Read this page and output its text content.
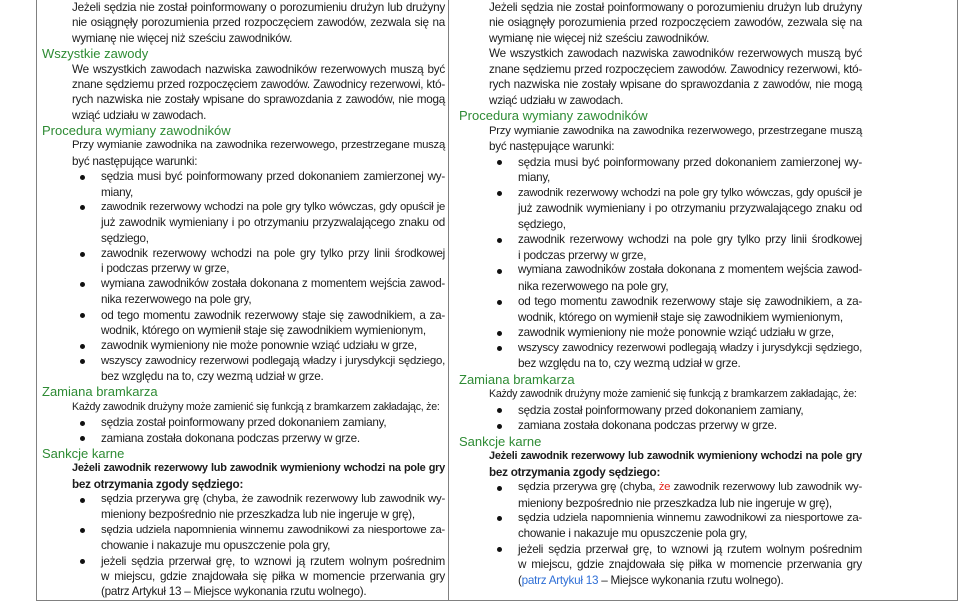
Jeżeli sędzia nie został poinformowany o porozumieniu drużyn lub drużyny
nie osiągnęły porozumienia przed rozpoczęciem zawodów, zezwala się na
wymianę nie więcej niż sześciu zawodników.
Wszystkie zawody
We wszystkich zawodach nazwiska zawodników rezerwowych muszą być
znane sędziemu przed rozpoczęciem zawodów. Zawodnicy rezerwowi, któ-
rych nazwiska nie zostały wpisane do sprawozdania z zawodów, nie mogą
wziąć udziału w zawodach.
Procedura wymiany zawodników
Przy wymianie zawodnika na zawodnika rezerwowego, przestrzegane muszą
być następujące warunki:
sędzia musi być poinformowany przed dokonaniem zamierzonej wy-
miany,
zawodnik rezerwowy wchodzi na pole gry tylko wówczas, gdy opuścił je
już zawodnik wymieniany i po otrzymaniu przyzwalającego znaku od
sędziego,
zawodnik rezerwowy wchodzi na pole gry tylko przy linii środkowej
i podczas przerwy w grze,
wymiana zawodników została dokonana z momentem wejścia zawod-
nika rezerwowego na pole gry,
od tego momentu zawodnik rezerwowy staje się zawodnikiem, a za-
wodnik, którego on wymienił staje się zawodnikiem wymienionym,
zawodnik wymieniony nie może ponownie wziąć udziału w grze,
wszyscy zawodnicy rezerwowi podlegają władzy i jurysdykcji sędziego,
bez względu na to, czy wezmą udział w grze.
Zamiana bramkarza
Każdy zawodnik drużyny może zamienić się funkcją z bramkarzem zakładając, że:
sędzia został poinformowany przed dokonaniem zamiany,
zamiana została dokonana podczas przerwy w grze.
Sankcje karne
Jeżeli zawodnik rezerwowy lub zawodnik wymieniony wchodzi na pole gry
bez otrzymania zgody sędziego:
sędzia przerywa grę (chyba, że zawodnik rezerwowy lub zawodnik wy-
mieniony bezpośrednio nie przeszkadza lub nie ingeruje w grę),
sędzia udziela napomnienia winnemu zawodnikowi za niesportowe za-
chowanie i nakazuje mu opuszczenie pola gry,
jeżeli sędzia przerwał grę, to wznowi ją rzutem wolnym pośrednim
w miejscu, gdzie znajdowała się piłka w momencie przerwania gry
(patrz Artykuł 13 – Miejsce wykonania rzutu wolnego).
Jeżeli sędzia nie został poinformowany o porozumieniu drużyn lub drużyny
nie osiągnęły porozumienia przed rozpoczęciem zawodów, zezwala się na
wymianę nie więcej niż sześciu zawodników.
We wszystkich zawodach nazwiska zawodników rezerwowych muszą być
znane sędziemu przed rozpoczęciem zawodów. Zawodnicy rezerwowi, któ-
rych nazwiska nie zostały wpisane do sprawozdania z zawodów, nie mogą
wziąć udziału w zawodach.
Procedura wymiany zawodników
Przy wymianie zawodnika na zawodnika rezerwowego, przestrzegane muszą
być następujące warunki:
sędzia musi być poinformowany przed dokonaniem zamierzonej wy-
miany,
zawodnik rezerwowy wchodzi na pole gry tylko wówczas, gdy opuścił je
już zawodnik wymieniany i po otrzymaniu przyzwalającego znaku od
sędziego,
zawodnik rezerwowy wchodzi na pole gry tylko przy linii środkowej
i podczas przerwy w grze,
wymiana zawodników została dokonana z momentem wejścia zawod-
nika rezerwowego na pole gry,
od tego momentu zawodnik rezerwowy staje się zawodnikiem, a za-
wodnik, którego on wymienił staje się zawodnikiem wymienionym,
zawodnik wymieniony nie może ponownie wziąć udziału w grze,
wszyscy zawodnicy rezerwowi podlegają władzy i jurysdykcji sędziego,
bez względu na to, czy wezmą udział w grze.
Zamiana bramkarza
Każdy zawodnik drużyny może zamienić się funkcją z bramkarzem zakładając, że:
sędzia został poinformowany przed dokonaniem zamiany,
zamiana została dokonana podczas przerwy w grze.
Sankcje karne
Jeżeli zawodnik rezerwowy lub zawodnik wymieniony wchodzi na pole gry
bez otrzymania zgody sędziego:
sędzia przerywa grę (chyba, że zawodnik rezerwowy lub zawodnik wy-
mieniony bezpośrednio nie przeszkadza lub nie ingeruje w grę),
sędzia udziela napomnienia winnemu zawodnikowi za niesportowe za-
chowanie i nakazuje mu opuszczenie pola gry,
jeżeli sędzia przerwał grę, to wznowi ją rzutem wolnym pośrednim
w miejscu, gdzie znajdowała się piłka w momencie przerwania gry
(patrz Artykuł 13 – Miejsce wykonania rzutu wolnego).
